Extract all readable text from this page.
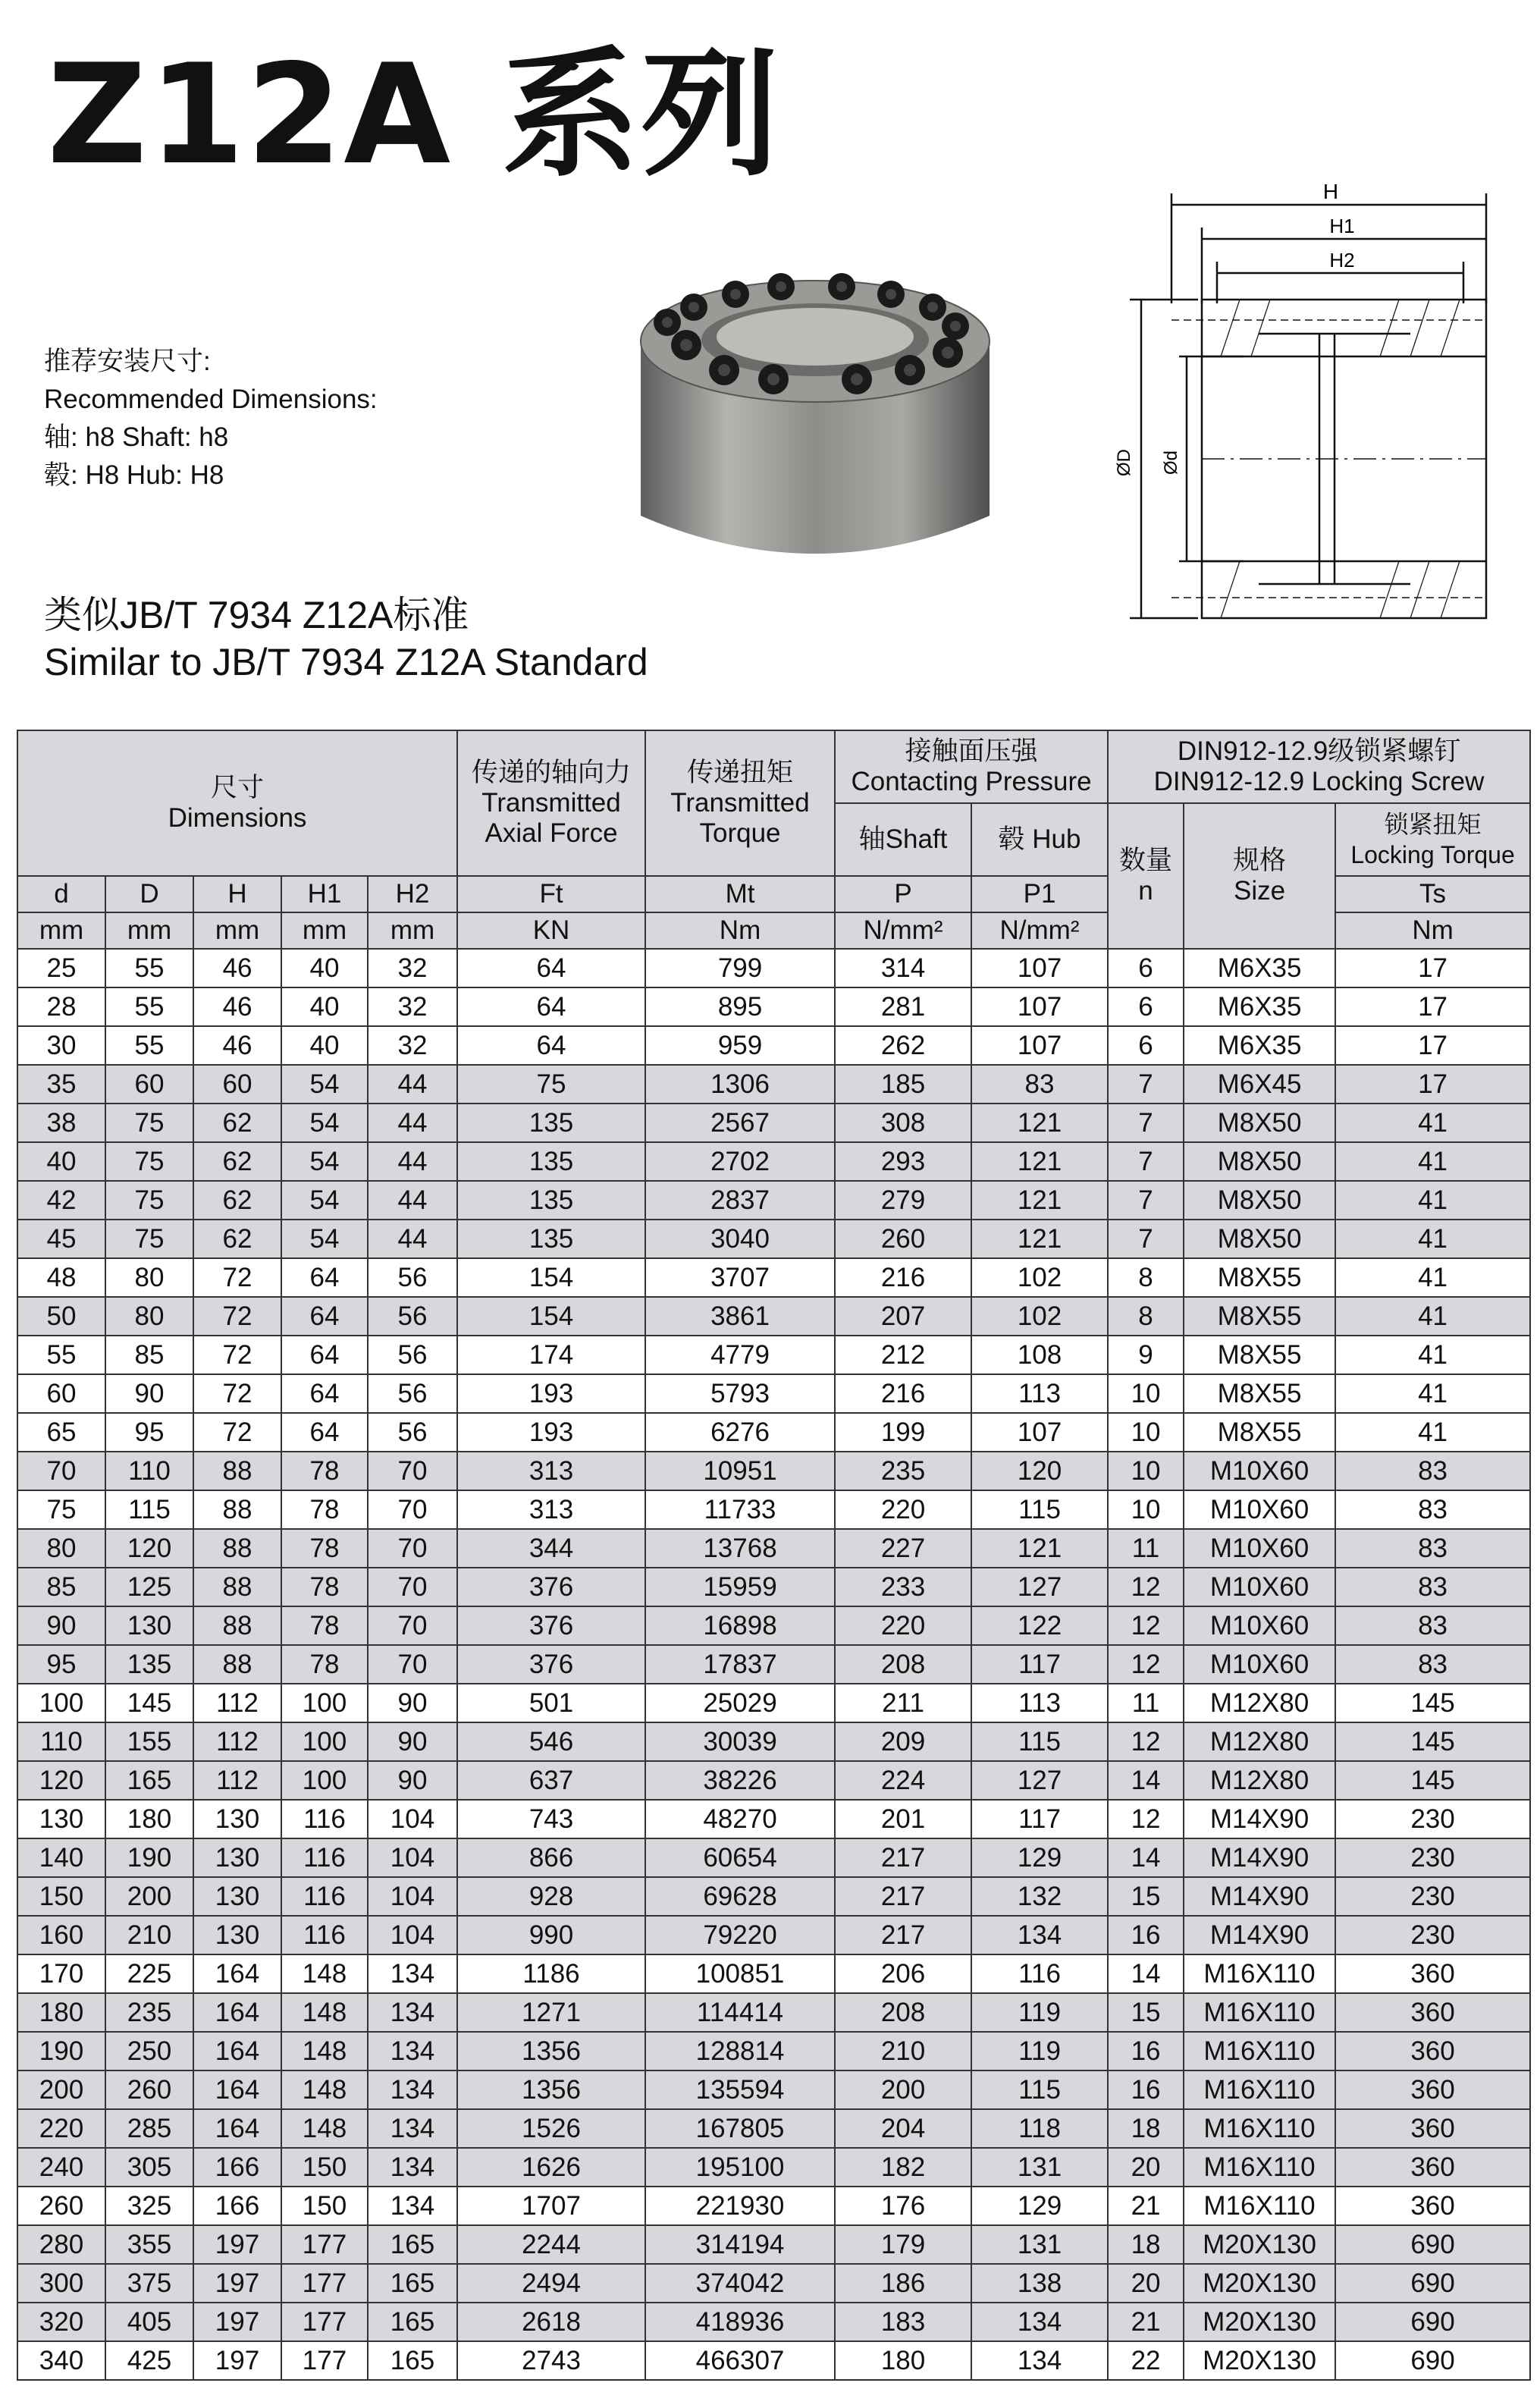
Z12A 系列
推荐安装尺寸:
Recommended Dimensions:
轴: h8 Shaft: h8
毂: H8 Hub: H8
类似JB/T 7934 Z12A标准
Similar to JB/T 7934 Z12A Standard
H
H1
H2
ØD Ød
尺寸
Dimensions					传递的轴向力
Transmitted
Axial Force	传递扭矩
Transmitted
Torque	接触面压强
Contacting Pressure		DIN912-12.9级锁紧螺钉
DIN912-12.9 Locking Screw		

							轴Shaft	毂 Hub	数量
n	规格
Size	锁紧扭矩
Locking Torque

d	D	H	H1	H2	Ft	Mt	P	P1			Ts
mm	mm	mm	mm	mm	KN	Nm	N/mm²	N/mm²			Nm
25	55	46	40	32	64	799	314	107	6	M6X35	17
28	55	46	40	32	64	895	281	107	6	M6X35	17
30	55	46	40	32	64	959	262	107	6	M6X35	17
35	60	60	54	44	75	1306	185	83	7	M6X45	17
38	75	62	54	44	135	2567	308	121	7	M8X50	41
40	75	62	54	44	135	2702	293	121	7	M8X50	41
42	75	62	54	44	135	2837	279	121	7	M8X50	41
45	75	62	54	44	135	3040	260	121	7	M8X50	41
48	80	72	64	56	154	3707	216	102	8	M8X55	41
50	80	72	64	56	154	3861	207	102	8	M8X55	41
55	85	72	64	56	174	4779	212	108	9	M8X55	41
60	90	72	64	56	193	5793	216	113	10	M8X55	41
65	95	72	64	56	193	6276	199	107	10	M8X55	41
70	110	88	78	70	313	10951	235	120	10	M10X60	83
75	115	88	78	70	313	11733	220	115	10	M10X60	83
80	120	88	78	70	344	13768	227	121	11	M10X60	83
85	125	88	78	70	376	15959	233	127	12	M10X60	83
90	130	88	78	70	376	16898	220	122	12	M10X60	83
95	135	88	78	70	376	17837	208	117	12	M10X60	83
100	145	112	100	90	501	25029	211	113	11	M12X80	145
110	155	112	100	90	546	30039	209	115	12	M12X80	145
120	165	112	100	90	637	38226	224	127	14	M12X80	145
130	180	130	116	104	743	48270	201	117	12	M14X90	230
140	190	130	116	104	866	60654	217	129	14	M14X90	230
150	200	130	116	104	928	69628	217	132	15	M14X90	230
160	210	130	116	104	990	79220	217	134	16	M14X90	230
170	225	164	148	134	1186	100851	206	116	14	M16X110	360
180	235	164	148	134	1271	114414	208	119	15	M16X110	360
190	250	164	148	134	1356	128814	210	119	16	M16X110	360
200	260	164	148	134	1356	135594	200	115	16	M16X110	360
220	285	164	148	134	1526	167805	204	118	18	M16X110	360
240	305	166	150	134	1626	195100	182	131	20	M16X110	360
260	325	166	150	134	1707	221930	176	129	21	M16X110	360
280	355	197	177	165	2244	314194	179	131	18	M20X130	690
300	375	197	177	165	2494	374042	186	138	20	M20X130	690
320	405	197	177	165	2618	418936	183	134	21	M20X130	690
340	425	197	177	165	2743	466307	180	134	22	M20X130	690
